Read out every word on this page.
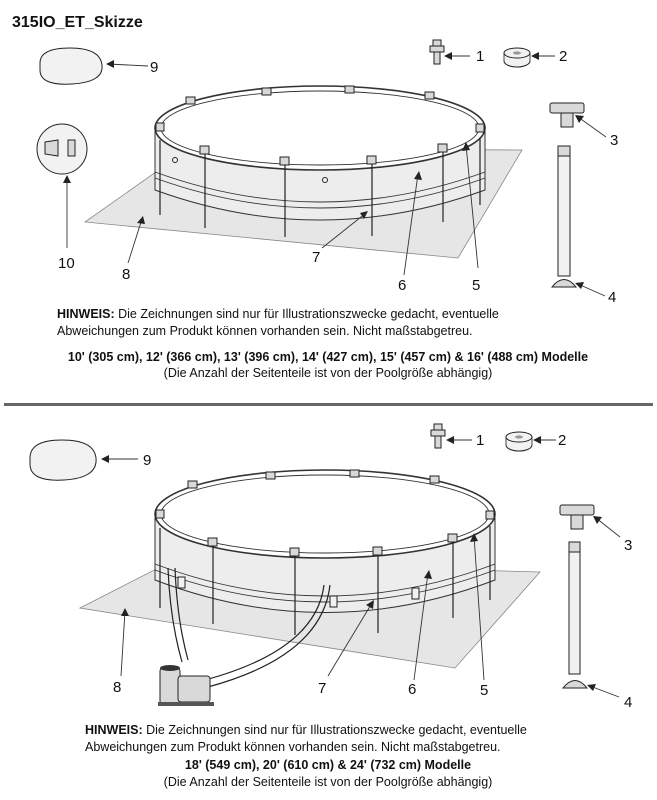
315IO_ET_Skizze
1	2
3
4
5
6
7
8
9
10
HINWEIS: Die Zeichnungen sind nur für Illustrationszwecke gedacht, eventuelle
Abweichungen zum Produkt können vorhanden sein. Nicht maßstabgetreu.
10' (305 cm), 12' (366 cm), 13' (396 cm), 14' (427 cm), 15' (457 cm) & 16' (488 cm) Modelle
(Die Anzahl der Seitenteile ist von der Poolgröße abhängig)
1	2
3
4
5
6
7
8
9
HINWEIS: Die Zeichnungen sind nur für Illustrationszwecke gedacht, eventuelle
Abweichungen zum Produkt können vorhanden sein. Nicht maßstabgetreu.
18' (549 cm), 20' (610 cm) & 24' (732 cm) Modelle
(Die Anzahl der Seitenteile ist von der Poolgröße abhängig)
